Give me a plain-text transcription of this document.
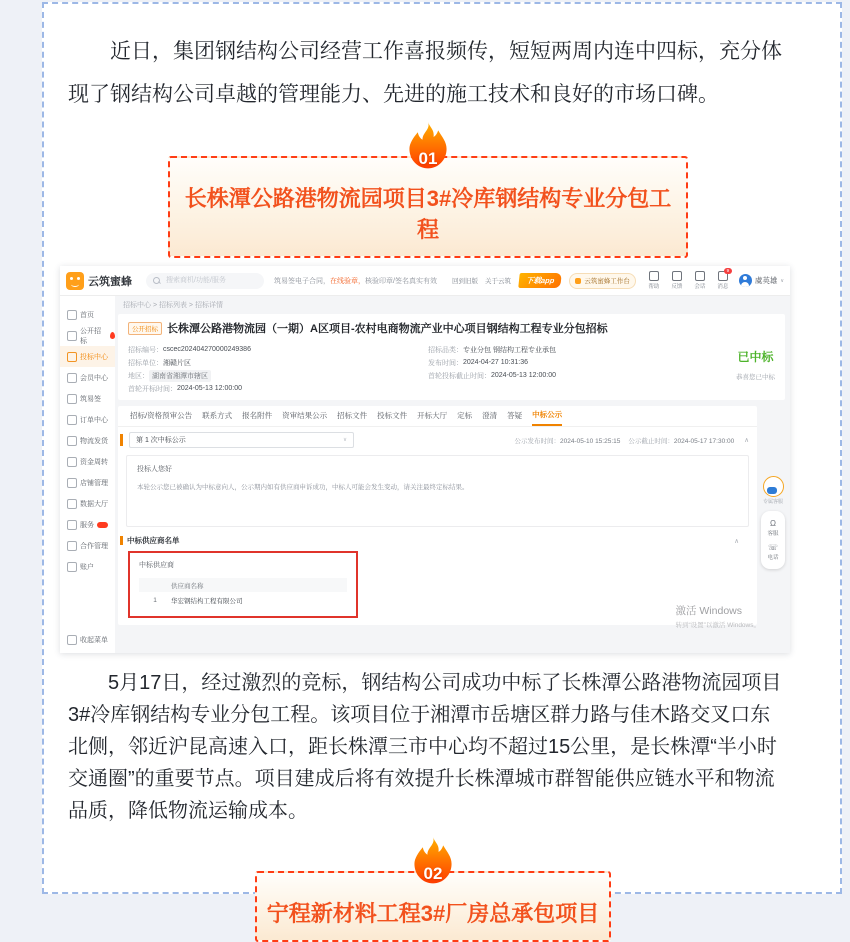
近日，集团钢结构公司经营工作喜报频传，短短两周内连中四标，充分体现了钢结构公司卓越的管理能力、先进的施工技术和良好的市场口碑。

01
长株潭公路港物流园项目3#冷库钢结构专业分包工程
云筑蜜蜂
搜索商机/功能/服务	筑易签电子合同，在线验章，核验印章/签名真实有效 回到旧版 关于云筑	下载app	云筑蜜蜂工作台
帮助 反馈 会话
9
消息
虞英雄 ∨
首页
公开招标
投标中心
会员中心
筑易签
订单中心
物流发货
资金周转
店铺管理
数据大厅
服务
合作管理
账户
收起菜单
招标中心 > 招标列表 > 招标详情
公开招标 长株潭公路港物流园（一期）A区项目-农村电商物流产业中心项目钢结构工程专业分包招标
招标编号： cscec202404270000249386
招标单位： 湘赣片区
地区： 湖南省湘潭市辖区
首轮开标时间： 2024-05-13 12:00:00
招标品类： 专业分包 钢结构工程专业承包
发布时间： 2024-04-27 10:31:36
首轮投标截止时间： 2024-05-13 12:00:00
已中标
恭喜您已中标
招标/资格预审公告 联系方式 报名附件 资审结果公示 招标文件 投标文件 开标大厅 定标 澄清 答疑 中标公示
第 1 次中标公示	∨	公示发布时间：2024-05-10 15:25:15 公示截止时间：2024-05-17 17:30:00 ∧
投标人您好
本轮公示您已被确认为中标意向人，公示期内如有供应商申诉成功，中标人可能会发生变动，请关注最终定标结果。
中标供应商名单	∧
中标供应商
供应商名称
1	华宏钢结构工程有限公司
激活 Windows
转到“设置”以激活 Windows。
专属客服
Ω
客服
☏
电话

5月17日，经过激烈的竞标，钢结构公司成功中标了长株潭公路港物流园项目3#冷库钢结构专业分包工程。该项目位于湘潭市岳塘区群力路与佳木路交叉口东北侧，邻近沪昆高速入口，距长株潭三市中心均不超过15公里，是长株潭“半小时交通圈”的重要节点。项目建成后将有效提升长株潭城市群智能供应链水平和物流品质，降低物流运输成本。

02
宁程新材料工程3#厂房总承包项目
